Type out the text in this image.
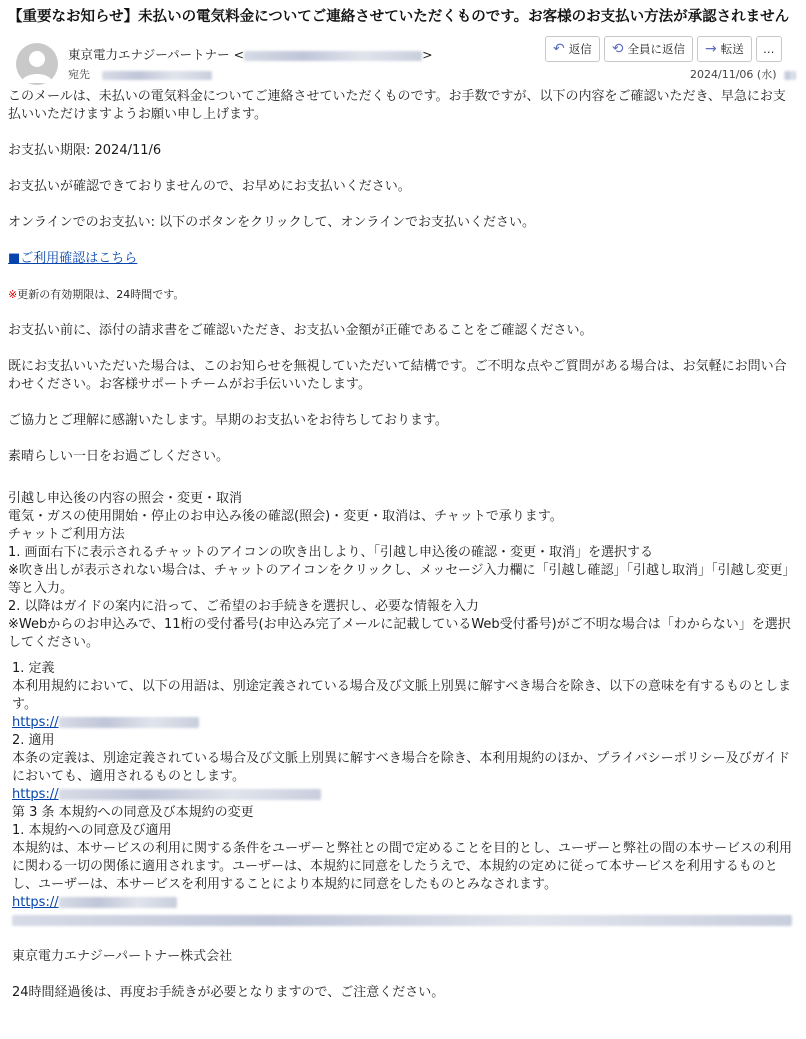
【重要なお知らせ】未払いの電気料金についてご連絡させていただくものです。お客様のお支払い方法が承認されません
東京電力エナジーパートナー <	>
宛先
↶ 返信 ⟲ 全員に返信 → 転送 …
2024/11/06 (水)

このメールは、未払いの電気料金についてご連絡させていただくものです。お手数ですが、以下の内容をご確認いただき、早急にお支払いいただけますようお願い申し上げます。

お支払い期限: 2024/11/6

お支払いが確認できておりませんので、お早めにお支払いください。

オンラインでのお支払い: 以下のボタンをクリックして、オンラインでお支払いください。

■ご利用確認はこちら

※更新の有効期限は、24時間です。

お支払い前に、添付の請求書をご確認いただき、お支払い金額が正確であることをご確認ください。

既にお支払いいただいた場合は、このお知らせを無視していただいて結構です。ご不明な点やご質問がある場合は、お気軽にお問い合わせください。お客様サポートチームがお手伝いいたします。

ご協力とご理解に感謝いたします。早期のお支払いをお待ちしております。

素晴らしい一日をお過ごしください。

引越し申込後の内容の照会・変更・取消

電気・ガスの使用開始・停止のお申込み後の確認(照会)・変更・取消は、チャットで承ります。

チャットご利用方法

1. 画面右下に表示されるチャットのアイコンの吹き出しより、「引越し申込後の確認・変更・取消」を選択する

※吹き出しが表示されない場合は、チャットのアイコンをクリックし、メッセージ入力欄に「引越し確認」「引越し取消」「引越し変更」等と入力。

2. 以降はガイドの案内に沿って、ご希望のお手続きを選択し、必要な情報を入力

※Webからのお申込みで、11桁の受付番号(お申込み完了メールに記載しているWeb受付番号)がご不明な場合は「わからない」を選択してください。

1. 定義

本利用規約において、以下の用語は、別途定義されている場合及び文脈上別異に解すべき場合を除き、以下の意味を有するものとします。

https://

2. 適用

本条の定義は、別途定義されている場合及び文脈上別異に解すべき場合を除き、本利用規約のほか、プライバシーポリシー及びガイドにおいても、適用されるものとします。

https://

第 3 条 本規約への同意及び本規約の変更

1. 本規約への同意及び適用

本規約は、本サービスの利用に関する条件をユーザーと弊社との間で定めることを目的とし、ユーザーと弊社の間の本サービスの利用に関わる一切の関係に適用されます。ユーザーは、本規約に同意をしたうえで、本規約の定めに従って本サービスを利用するものとし、ユーザーは、本サービスを利用することにより本規約に同意をしたものとみなされます。

https://

東京電力エナジーパートナー株式会社

24時間経過後は、再度お手続きが必要となりますので、ご注意ください。
